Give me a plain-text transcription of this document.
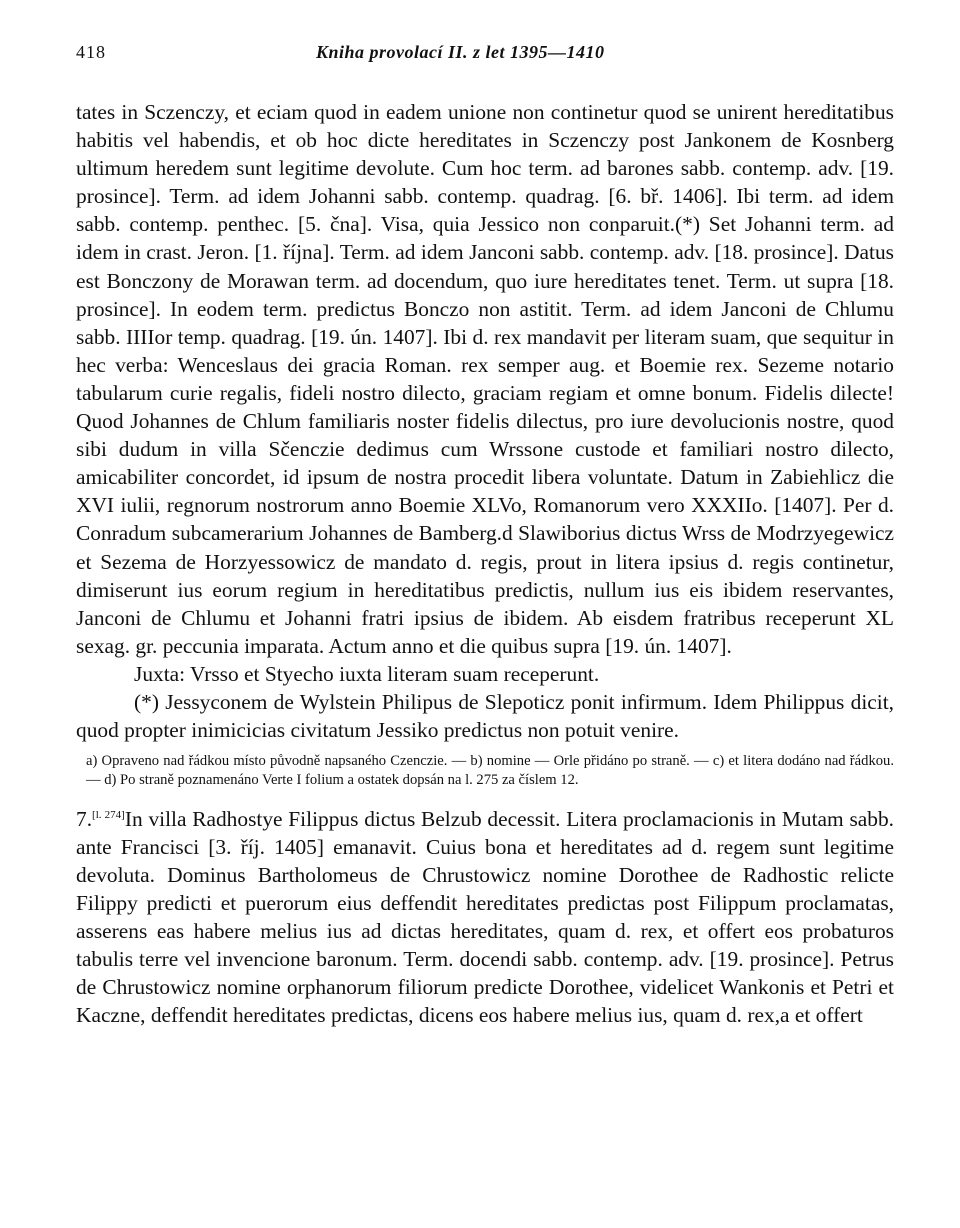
418	Kniha provolací II. z let 1395—1410

tates in Sczenczy, et eciam quod in eadem unione non continetur quod se unirent hereditatibus habitis vel habendis, et ob hoc dicte hereditates in Sczenczy post Jankonem de Kosnberg ultimum heredem sunt legitime devolute. Cum hoc term. ad barones sabb. contemp. adv. [19. prosince]. Term. ad idem Johanni sabb. contemp. quadrag. [6. bř. 1406]. Ibi term. ad idem sabb. contemp. penthec. [5. čna]. Visa, quia Jessico non conparuit.(*) Set Johanni term. ad idem in crast. Jeron. [1. října]. Term. ad idem Janconi sabb. contemp. adv. [18. prosince]. Datus est Bonczony de Morawan term. ad docendum, quo iure hereditates tenet. Term. ut supra [18. prosince]. In eodem term. predictus Bonczo non astitit. Term. ad idem Janconi de Chlumu sabb. IIIIor temp. quadrag. [19. ún. 1407]. Ibi d. rex mandavit per literam suam, que sequitur in hec verba: Wenceslaus dei gracia Roman. rex semper aug. et Boemie rex. Sezeme notario tabularum curie regalis, fideli nostro dilecto, graciam regiam et omne bonum. Fidelis dilecte! Quod Johannes de Chlum familiaris noster fidelis dilectus, pro iure devolucionis nostre, quod sibi dudum in villa Sčenczie dedimus cum Wrssone custode et familiari nostro dilecto, amicabiliter concordet, id ipsum de nostra procedit libera voluntate. Datum in Zabiehlicz die XVI iulii, regnorum nostrorum anno Boemie XLVo, Romanorum vero XXXIIo. [1407]. Per d. Conradum subcamerarium Johannes de Bamberg.d Slawiborius dictus Wrss de Modrzyegewicz et Sezema de Horzyessowicz de mandato d. regis, prout in litera ipsius d. regis continetur, dimiserunt ius eorum regium in hereditatibus predictis, nullum ius eis ibidem reservantes, Janconi de Chlumu et Johanni fratri ipsius de ibidem. Ab eisdem fratribus receperunt XL sexag. gr. peccunia imparata. Actum anno et die quibus supra [19. ún. 1407].

Juxta: Vrsso et Styecho iuxta literam suam receperunt.

(*) Jessyconem de Wylstein Philipus de Slepoticz ponit infirmum. Idem Philippus dicit, quod propter inimicicias civitatum Jessiko predictus non potuit venire.

a) Opraveno nad řádkou místo původně napsaného Czenczie. — b) nomine — Orle přidáno po straně. — c) et litera dodáno nad řádkou. — d) Po straně poznamenáno Verte I folium a ostatek dopsán na l. 275 za číslem 12.

7.[l. 274]In villa Radhostye Filippus dictus Belzub decessit. Litera proclamacionis in Mutam sabb. ante Francisci [3. říj. 1405] emanavit. Cuius bona et hereditates ad d. regem sunt legitime devoluta. Dominus Bartholomeus de Chrustowicz nomine Dorothee de Radhostic relicte Filippy predicti et puerorum eius deffendit hereditates predictas post Filippum proclamatas, asserens eas habere melius ius ad dictas hereditates, quam d. rex, et offert eos probaturos tabulis terre vel invencione baronum. Term. docendi sabb. contemp. adv. [19. prosince]. Petrus de Chrustowicz nomine orphanorum filiorum predicte Dorothee, videlicet Wankonis et Petri et Kaczne, deffendit hereditates predictas, dicens eos habere melius ius, quam d. rex,a et offert
